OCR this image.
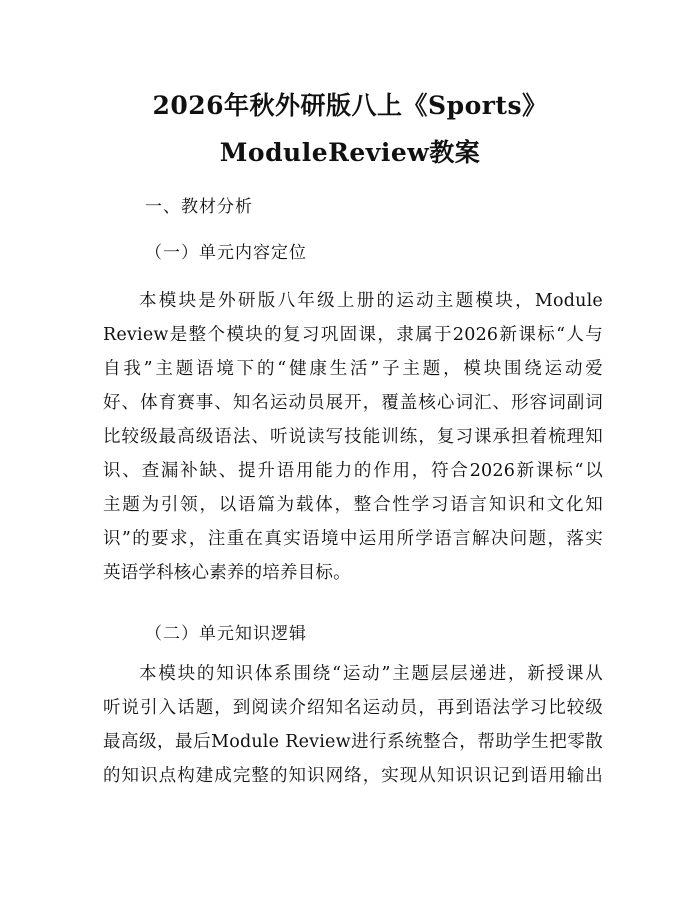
2026年秋外研版八上《Sports》
ModuleReview教案
一、教材分析
（一）单元内容定位
本模块是外研版八年级上册的运动主题模块，Module
Review是整个模块的复习巩固课，隶属于2026新课标“人与
自我”主题语境下的“健康生活”子主题，模块围绕运动爱
好、体育赛事、知名运动员展开，覆盖核心词汇、形容词副词
比较级最高级语法、听说读写技能训练，复习课承担着梳理知
识、查漏补缺、提升语用能力的作用，符合2026新课标“以
主题为引领，以语篇为载体，整合性学习语言知识和文化知
识”的要求，注重在真实语境中运用所学语言解决问题，落实
英语学科核心素养的培养目标。
（二）单元知识逻辑
本模块的知识体系围绕“运动”主题层层递进，新授课从
听说引入话题，到阅读介绍知名运动员，再到语法学习比较级
最高级，最后Module Review进行系统整合，帮助学生把零散
的知识点构建成完整的知识网络，实现从知识识记到语用输出
